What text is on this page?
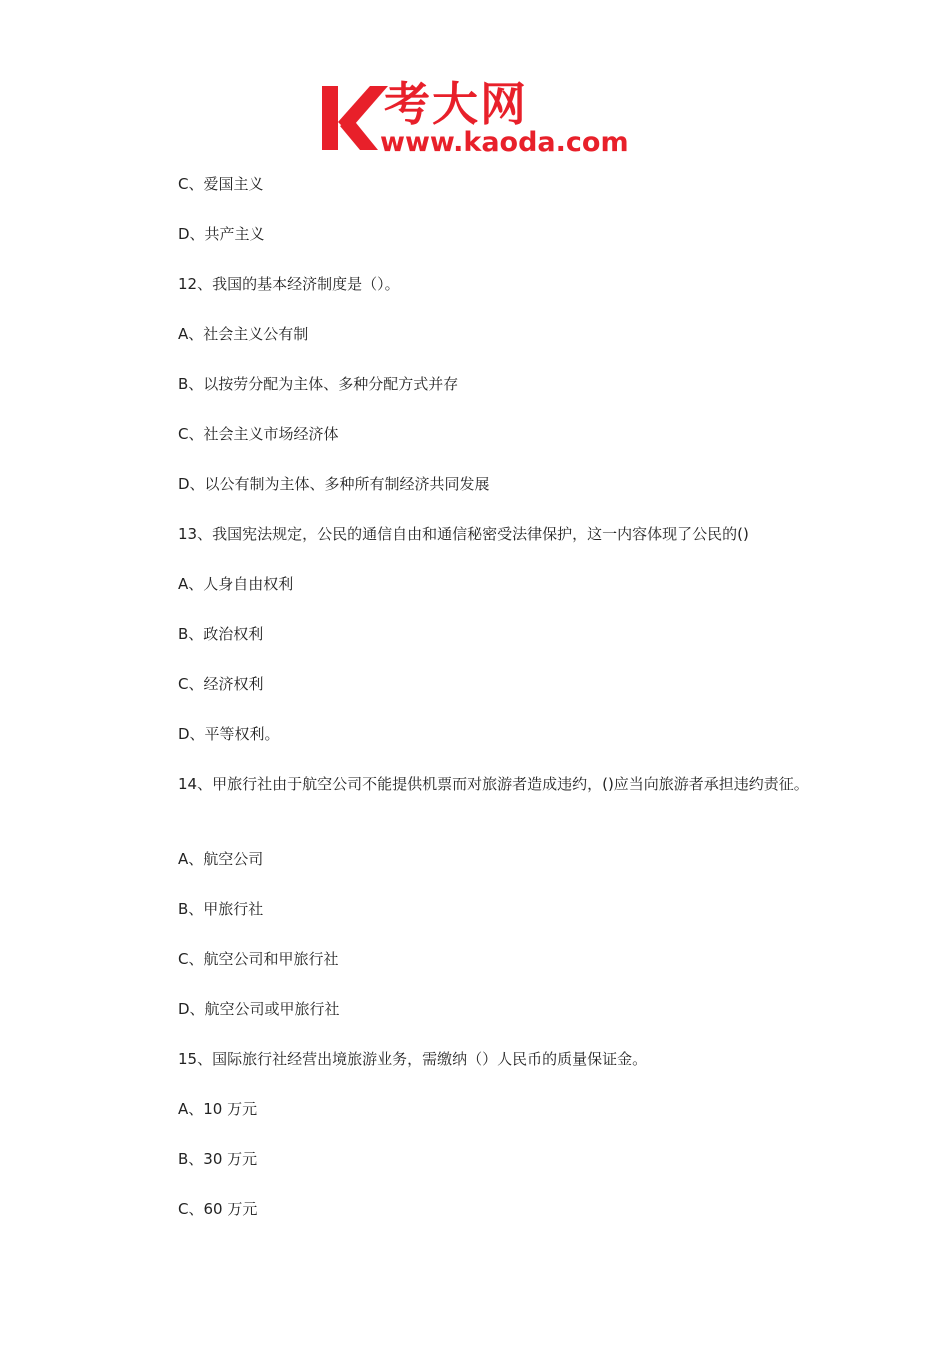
考大网
www.kaoda.com
C、爱国主义
D、共产主义
12、我国的基本经济制度是（）。
A、社会主义公有制
B、以按劳分配为主体、多种分配方式并存
C、社会主义市场经济体
D、以公有制为主体、多种所有制经济共同发展
13、我国宪法规定，公民的通信自由和通信秘密受法律保护，这一内容体现了公民的()
A、人身自由权利
B、政治权利
C、经济权利
D、平等权利。
14、甲旅行社由于航空公司不能提供机票而对旅游者造成违约，()应当向旅游者承担违约责征。
A、航空公司
B、甲旅行社
C、航空公司和甲旅行社
D、航空公司或甲旅行社
15、国际旅行社经营出境旅游业务，需缴纳（）人民币的质量保证金。
A、10 万元
B、30 万元
C、60 万元
